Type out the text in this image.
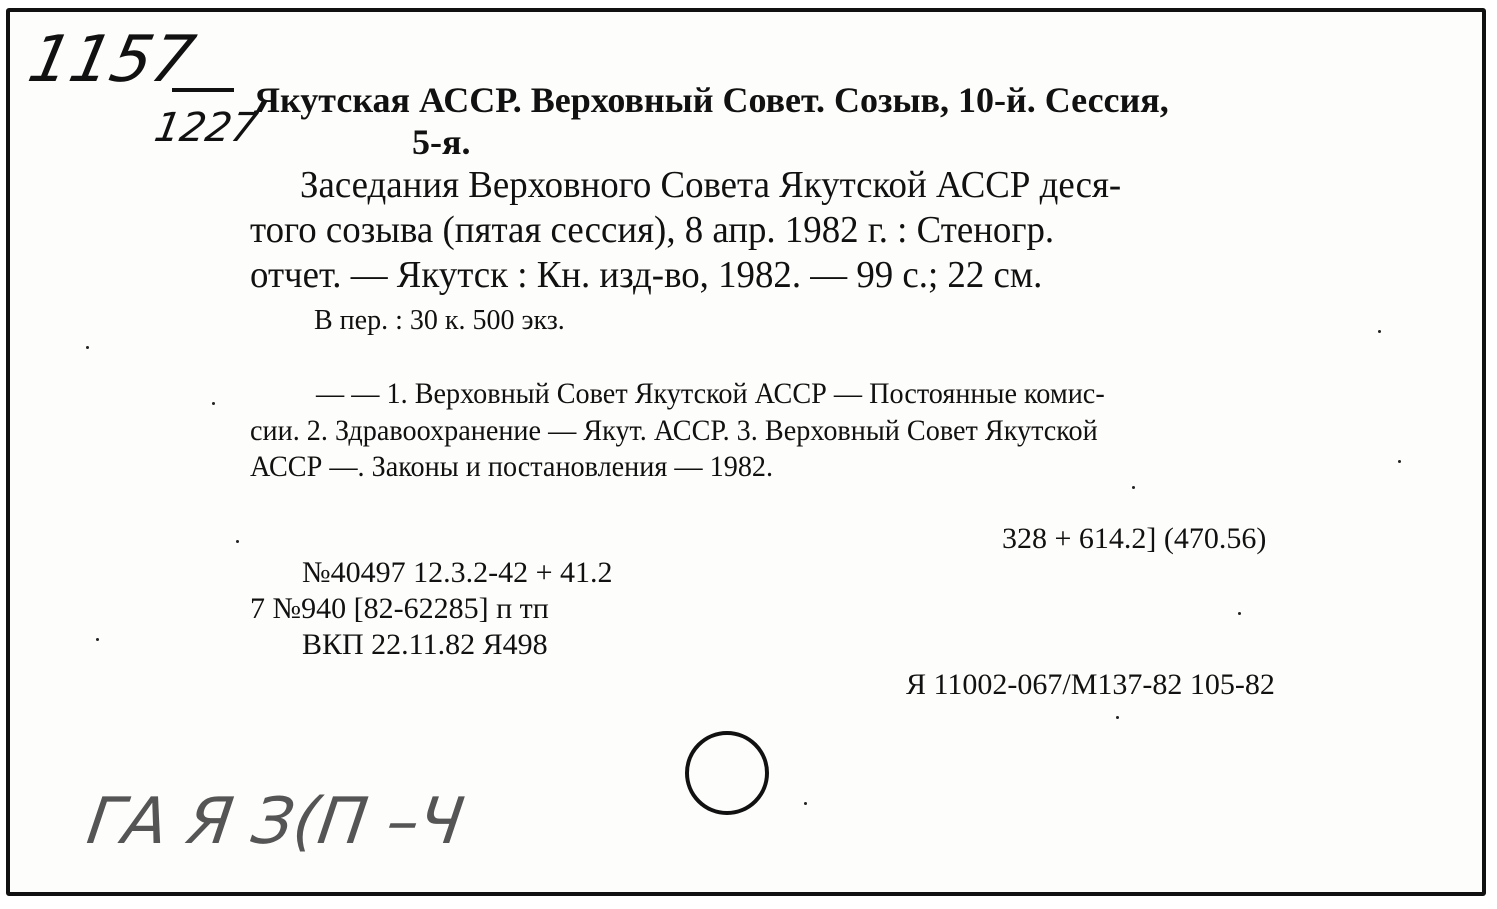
1157
1227
Якутская АССР. Верховный Совет. Созыв, 10-й. Сессия,
5-я.
Заседания Верховного Совета Якутской АССР деся-
того созыва (пятая сессия), 8 апр. 1982 г. : Стеногр.
отчет. — Якутск : Кн. изд-во, 1982. — 99 с.; 22 см.
В пер. : 30 к. 500 экз.
— — 1. Верховный Совет Якутской АССР — Постоянные комис-
сии. 2. Здравоохранение — Якут. АССР. 3. Верховный Совет Якутской
АССР —. Законы и постановления — 1982.
328 + 614.2] (470.56)
№40497 12.3.2-42 + 41.2
7 №940 [82-62285] п тп
ВКП 22.11.82 Я498
Я 11002-067/М137-82 105-82
ГА Я З(П –Ч
